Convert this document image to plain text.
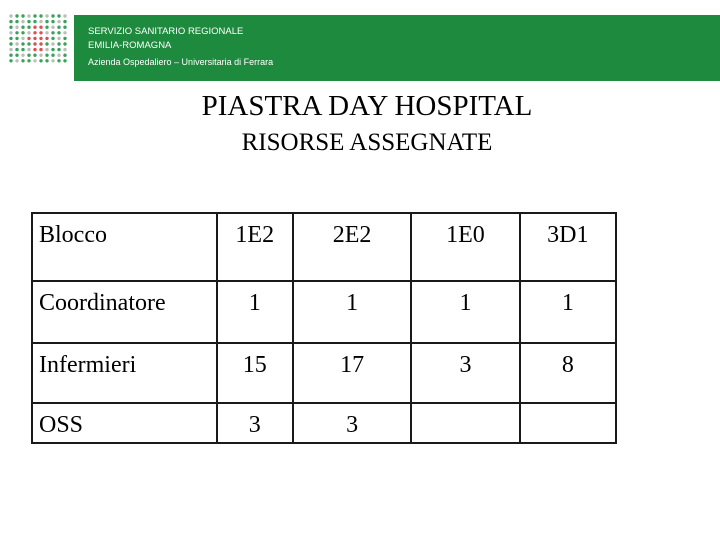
SERVIZIO SANITARIO REGIONALE
EMILIA-ROMAGNA
Azienda Ospedaliero – Universitaria di Ferrara
PIASTRA DAY HOSPITAL
RISORSE ASSEGNATE
Blocco	1E2	2E2	1E0	3D1
Coordinatore	1	1	1	1
Infermieri	15	17	3	8
OSS	3	3		
